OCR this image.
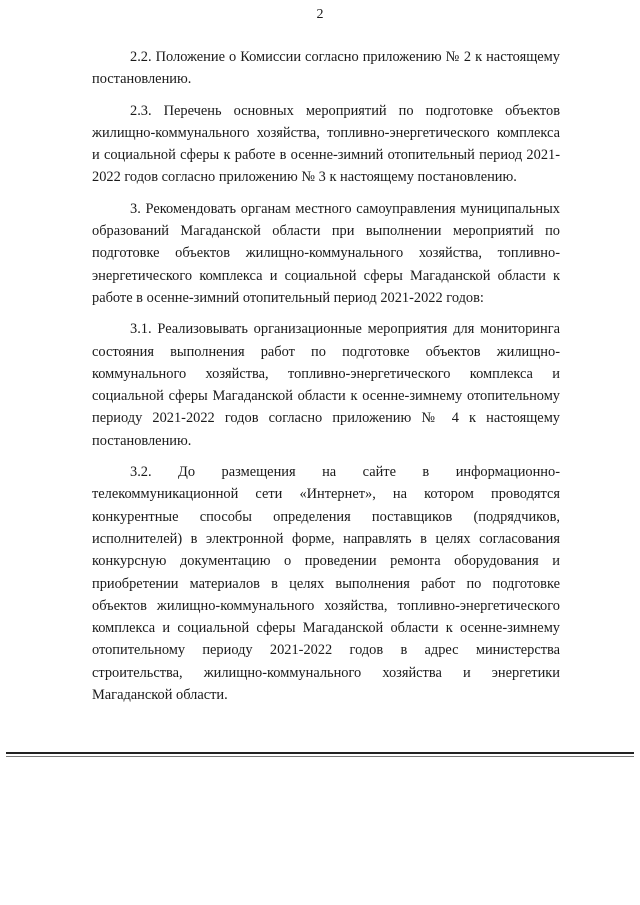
2

2.2. Положение о Комиссии согласно приложению № 2 к настоящему постановлению.

2.3. Перечень основных мероприятий по подготовке объектов жилищно-коммунального хозяйства, топливно-энергетического комплекса и социальной сферы к работе в осенне-зимний отопительный период 2021-2022 годов согласно приложению № 3 к настоящему постановлению.

3. Рекомендовать органам местного самоуправления муниципальных образований Магаданской области при выполнении мероприятий по подготовке объектов жилищно-коммунального хозяйства, топливно-энергетического комплекса и социальной сферы Магаданской области к работе в осенне-зимний отопительный период 2021-2022 годов:

3.1. Реализовывать организационные мероприятия для мониторинга состояния выполнения работ по подготовке объектов жилищно-коммунального хозяйства, топливно-энергетического комплекса и социальной сферы Магаданской области к осенне-зимнему отопительному периоду 2021-2022 годов согласно приложению № 4 к настоящему постановлению.

3.2. До размещения на сайте в информационно-телекоммуникационной сети «Интернет», на котором проводятся конкурентные способы определения поставщиков (подрядчиков, исполнителей) в электронной форме, направлять в целях согласования конкурсную документацию о проведении ремонта оборудования и приобретении материалов в целях выполнения работ по подготовке объектов жилищно-коммунального хозяйства, топливно-энергетического комплекса и социальной сферы Магаданской области к осенне-зимнему отопительному периоду 2021-2022 годов в адрес министерства строительства, жилищно-коммунального хозяйства и энергетики Магаданской области.
